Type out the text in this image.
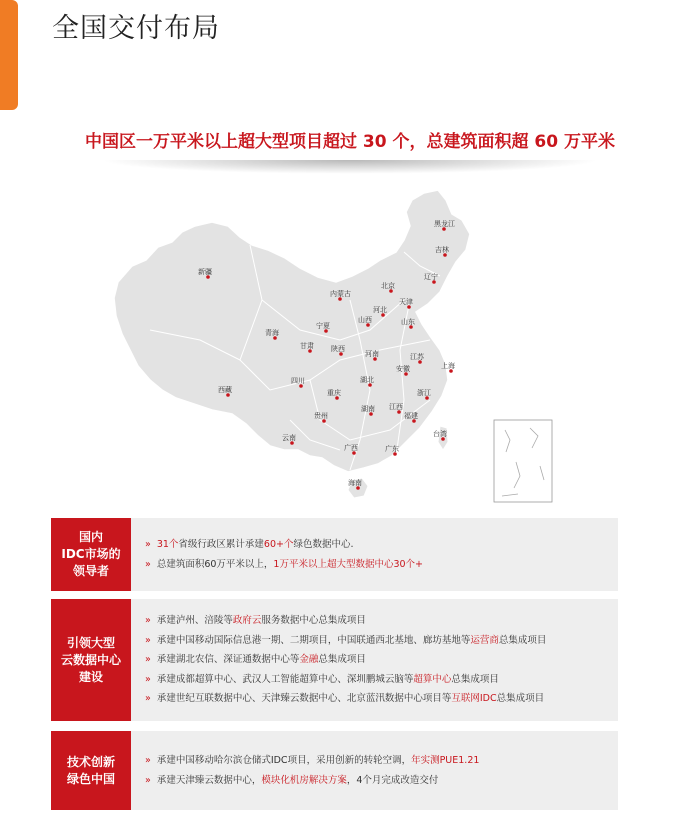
全国交付布局
中国区一万平米以上超大型项目超过 30 个，总建筑面积超 60 万平米
黑龙江
吉林
辽宁
内蒙古
北京
天津
河北
山西	山东
宁夏
新疆
青海
甘肃 陕西
河南	江苏
上海
安徽
湖北
四川
重庆	浙江
西藏
江西
湖南
贵州	福建
台湾
云南
广西	广东
海南
国内
IDC市场的
领导者
» 31个省级行政区累计承建60+个绿色数据中心.
» 总建筑面积60万平米以上，1万平米以上超大型数据中心30个+
引领大型
云数据中心
建设
» 承建泸州、涪陵等政府云服务数据中心总集成项目
» 承建中国移动国际信息港一期、二期项目，中国联通西北基地、廊坊基地等运营商总集成项目
» 承建湖北农信、深证通数据中心等金融总集成项目
» 承建成都超算中心、武汉人工智能超算中心、深圳鹏城云脑等超算中心总集成项目
» 承建世纪互联数据中心、天津臻云数据中心、北京蓝汛数据中心项目等互联网IDC总集成项目
技术创新
绿色中国
» 承建中国移动哈尔滨仓储式IDC项目，采用创新的转轮空调，年实测PUE1.21
» 承建天津臻云数据中心，模块化机房解决方案，4个月完成改造交付
